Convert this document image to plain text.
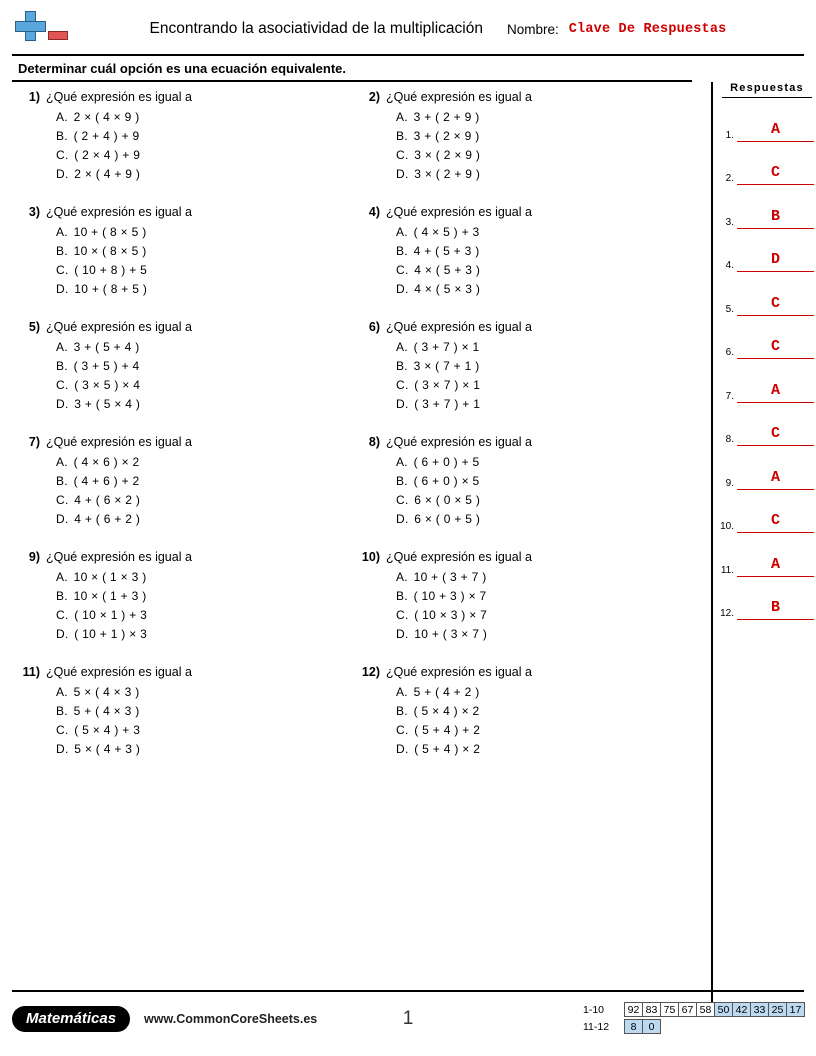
Encontrando la asociatividad de la multiplicación Nombre: Clave De Respuestas
Determinar cuál opción es una ecuación equivalente.
1) ¿Qué expresión es igual a
A. 2 × ( 4 × 9 )
B. ( 2 + 4 ) + 9
C. ( 2 × 4 ) + 9
D. 2 × ( 4 + 9 )
2) ¿Qué expresión es igual a
A. 3 + ( 2 + 9 )
B. 3 + ( 2 × 9 )
C. 3 × ( 2 × 9 )
D. 3 × ( 2 + 9 )
3) ¿Qué expresión es igual a
A. 10 + ( 8 × 5 )
B. 10 × ( 8 × 5 )
C. ( 10 + 8 ) + 5
D. 10 + ( 8 + 5 )
4) ¿Qué expresión es igual a
A. ( 4 × 5 ) + 3
B. 4 + ( 5 + 3 )
C. 4 × ( 5 + 3 )
D. 4 × ( 5 × 3 )
5) ¿Qué expresión es igual a
A. 3 + ( 5 + 4 )
B. ( 3 + 5 ) + 4
C. ( 3 × 5 ) × 4
D. 3 + ( 5 × 4 )
6) ¿Qué expresión es igual a
A. ( 3 + 7 ) × 1
B. 3 × ( 7 + 1 )
C. ( 3 × 7 ) × 1
D. ( 3 + 7 ) + 1
7) ¿Qué expresión es igual a
A. ( 4 × 6 ) × 2
B. ( 4 + 6 ) + 2
C. 4 + ( 6 × 2 )
D. 4 + ( 6 + 2 )
8) ¿Qué expresión es igual a
A. ( 6 + 0 ) + 5
B. ( 6 + 0 ) × 5
C. 6 × ( 0 × 5 )
D. 6 × ( 0 + 5 )
9) ¿Qué expresión es igual a
A. 10 × ( 1 × 3 )
B. 10 × ( 1 + 3 )
C. ( 10 × 1 ) + 3
D. ( 10 + 1 ) × 3
10) ¿Qué expresión es igual a
A. 10 + ( 3 + 7 )
B. ( 10 + 3 ) × 7
C. ( 10 × 3 ) × 7
D. 10 + ( 3 × 7 )
11) ¿Qué expresión es igual a
A. 5 × ( 4 × 3 )
B. 5 + ( 4 × 3 )
C. ( 5 × 4 ) + 3
D. 5 × ( 4 + 3 )
12) ¿Qué expresión es igual a
A. 5 + ( 4 + 2 )
B. ( 5 × 4 ) × 2
C. ( 5 + 4 ) + 2
D. ( 5 + 4 ) × 2
Respuestas
1.	A
2.	C
3.	B
4.	D
5.	C
6.	C
7.	A
8.	C
9.	A
10.	C
11.	A
12.	B
Matemáticas	www.CommonCoreSheets.es	1	1-10	92 83 75 67 58 50 42 33 25 17
11-12	8	0
